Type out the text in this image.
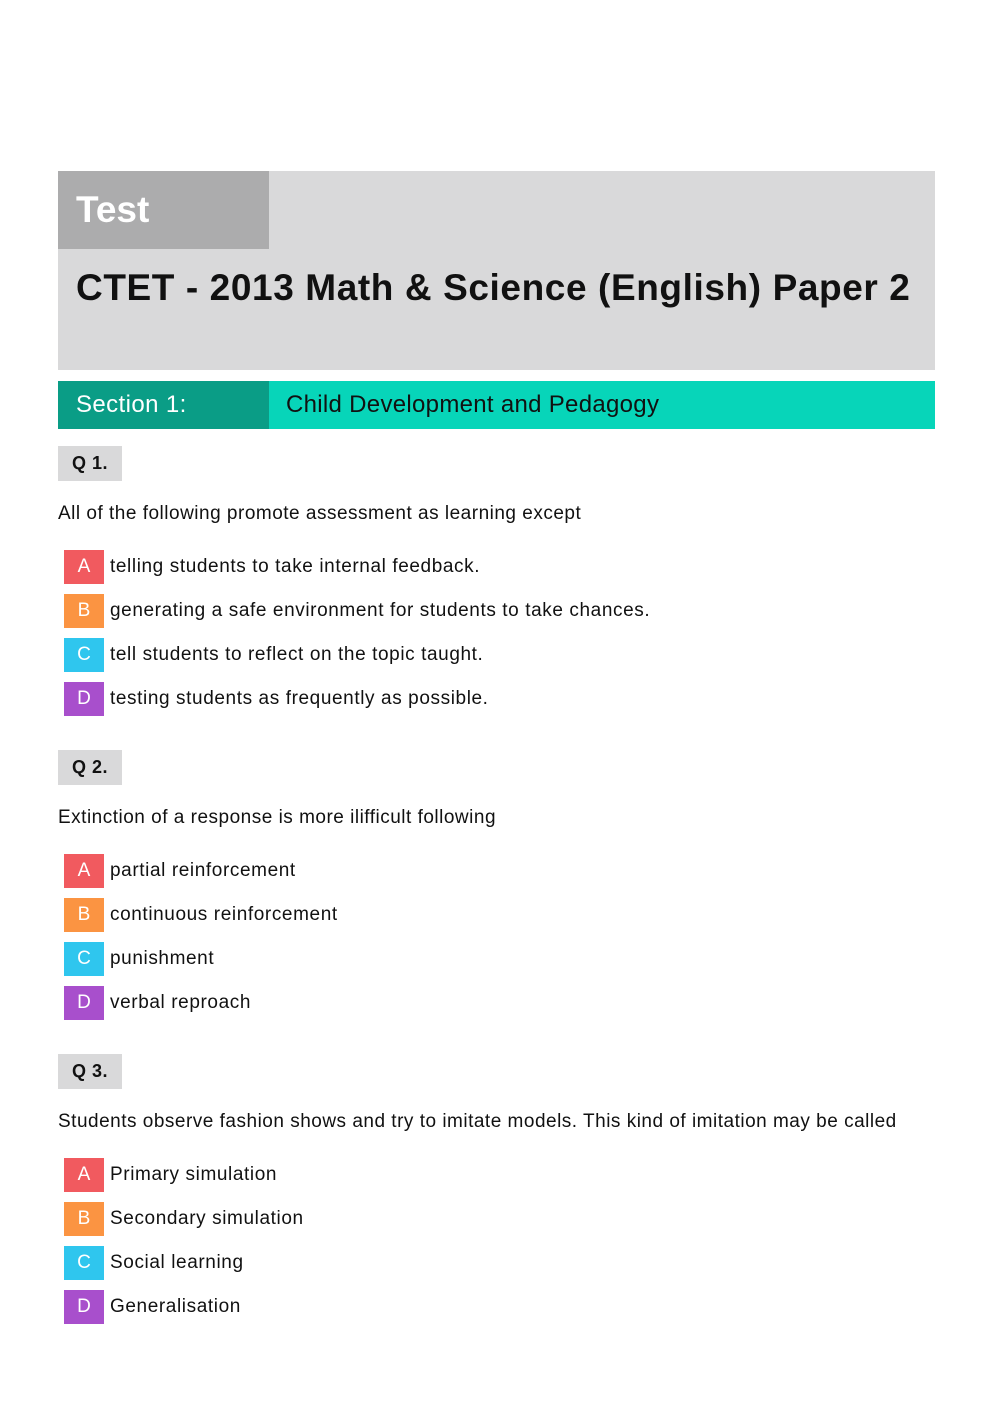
Test
CTET - 2013 Math & Science (English) Paper 2
Section 1:	Child Development and Pedagogy
Q 1.
All of the following promote assessment as learning except
A	telling students to take internal feedback.
B	generating a safe environment for students to take chances.
C	tell students to reflect on the topic taught.
D	testing students as frequently as possible.
Q 2.
Extinction of a response is more ilifficult following
A	partial reinforcement
B	continuous reinforcement
C	punishment
D	verbal reproach
Q 3.
Students observe fashion shows and try to imitate models. This kind of imitation may be called
A	Primary simulation
B	Secondary simulation
C	Social learning
D	Generalisation
